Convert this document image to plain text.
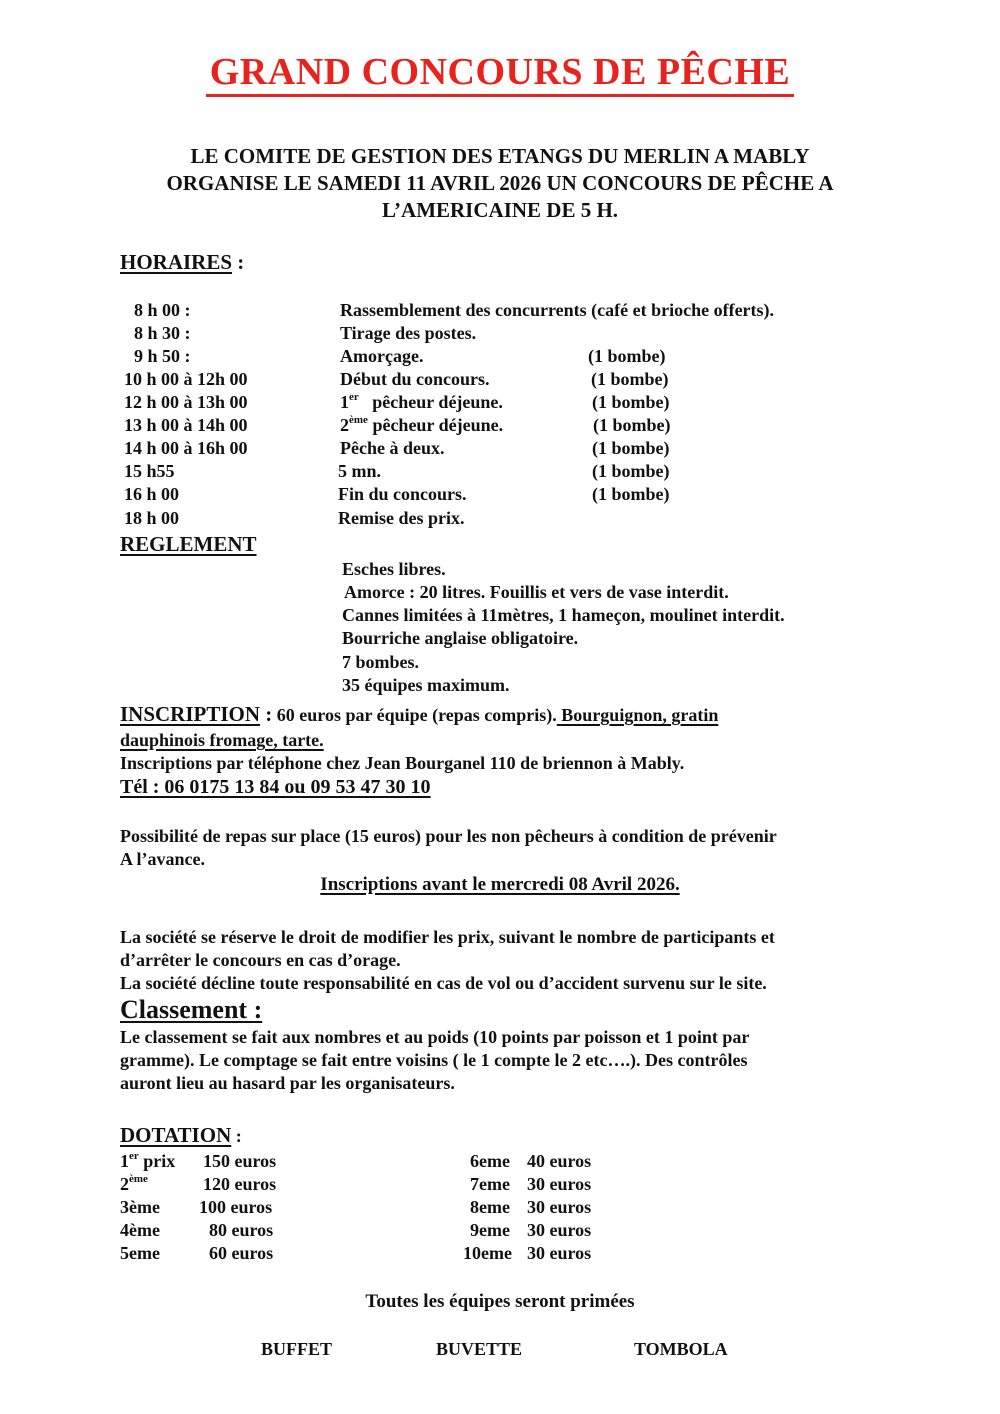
GRAND CONCOURS DE PÊCHE
LE COMITE DE GESTION DES ETANGS DU MERLIN A MABLY
ORGANISE LE SAMEDI 11 AVRIL 2026 UN CONCOURS DE PÊCHE A
L’AMERICAINE DE 5 H.
HORAIRES :
8 h 00 :	Rassemblement des concurrents (café et brioche offerts).
8 h 30 :	Tirage des postes.
9 h 50 :	Amorçage.	(1 bombe)
10 h 00 à 12h 00	Début du concours.	(1 bombe)
12 h 00 à 13h 00	1er pêcheur déjeune.	(1 bombe)
13 h 00 à 14h 00	2ème pêcheur déjeune.	(1 bombe)
14 h 00 à 16h 00	Pêche à deux.	(1 bombe)
15 h55	5 mn.	(1 bombe)
16 h 00	Fin du concours.	(1 bombe)
18 h 00	Remise des prix.
REGLEMENT
Esches libres.
Amorce : 20 litres. Fouillis et vers de vase interdit.
Cannes limitées à 11mètres, 1 hameçon, moulinet interdit.
Bourriche anglaise obligatoire.
7 bombes.
35 équipes maximum.
INSCRIPTION : 60 euros par équipe (repas compris). Bourguignon, gratin
dauphinois fromage, tarte.
Inscriptions par téléphone chez Jean Bourganel 110 de briennon à Mably.
Tél : 06 0175 13 84 ou 09 53 47 30 10
Possibilité de repas sur place (15 euros) pour les non pêcheurs à condition de prévenir
A l’avance.
Inscriptions avant le mercredi 08 Avril 2026.
La société se réserve le droit de modifier les prix, suivant le nombre de participants et
d’arrêter le concours en cas d’orage.
La société décline toute responsabilité en cas de vol ou d’accident survenu sur le site.
Classement :
Le classement se fait aux nombres et au poids (10 points par poisson et 1 point par
gramme). Le comptage se fait entre voisins ( le 1 compte le 2 etc….). Des contrôles
auront lieu au hasard par les organisateurs.
DOTATION :
1er prix 150 euros	6eme 40 euros
2ème	120 euros	7eme 30 euros
3ème 100 euros	8eme 30 euros
4ème	80 euros	9eme 30 euros
5eme	60 euros	10eme 30 euros
Toutes les équipes seront primées
BUFFET	BUVETTE	TOMBOLA
